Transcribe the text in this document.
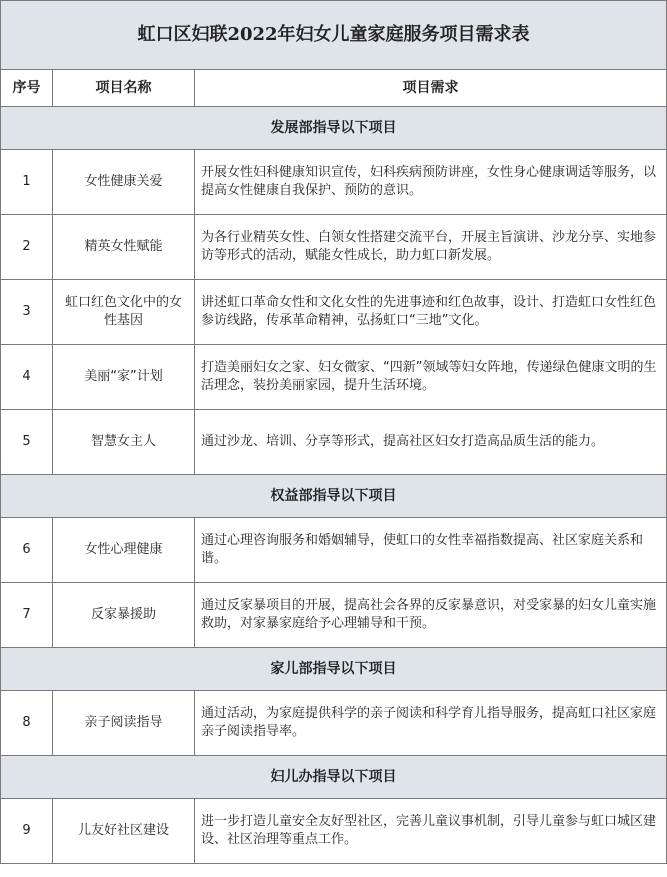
虹口区妇联2022年妇女儿童家庭服务项目需求表		
序号	项目名称	项目需求
发展部指导以下项目		
1	女性健康关爱	开展女性妇科健康知识宣传，妇科疾病预防讲座，女性身心健康调适等服务，以提高女性健康自我保护、预防的意识。
2	精英女性赋能	为各行业精英女性、白领女性搭建交流平台，开展主旨演讲、沙龙分享、实地参访等形式的活动，赋能女性成长，助力虹口新发展。
3	虹口红色文化中的女性基因	讲述虹口革命女性和文化女性的先进事迹和红色故事，设计、打造虹口女性红色参访线路，传承革命精神，弘扬虹口“三地”文化。
4	美丽“家”计划	打造美丽妇女之家、妇女微家、“四新”领域等妇女阵地，传递绿色健康文明的生活理念，装扮美丽家园，提升生活环境。
5	智慧女主人	通过沙龙、培训、分享等形式，提高社区妇女打造高品质生活的能力。
权益部指导以下项目		
6	女性心理健康	通过心理咨询服务和婚姻辅导，使虹口的女性幸福指数提高、社区家庭关系和谐。
7	反家暴援助	通过反家暴项目的开展，提高社会各界的反家暴意识，对受家暴的妇女儿童实施救助，对家暴家庭给予心理辅导和干预。
家儿部指导以下项目		
8	亲子阅读指导	通过活动，为家庭提供科学的亲子阅读和科学育儿指导服务，提高虹口社区家庭亲子阅读指导率。
妇儿办指导以下项目		
9	儿友好社区建设	进一步打造儿童安全友好型社区，完善儿童议事机制，引导儿童参与虹口城区建设、社区治理等重点工作。
